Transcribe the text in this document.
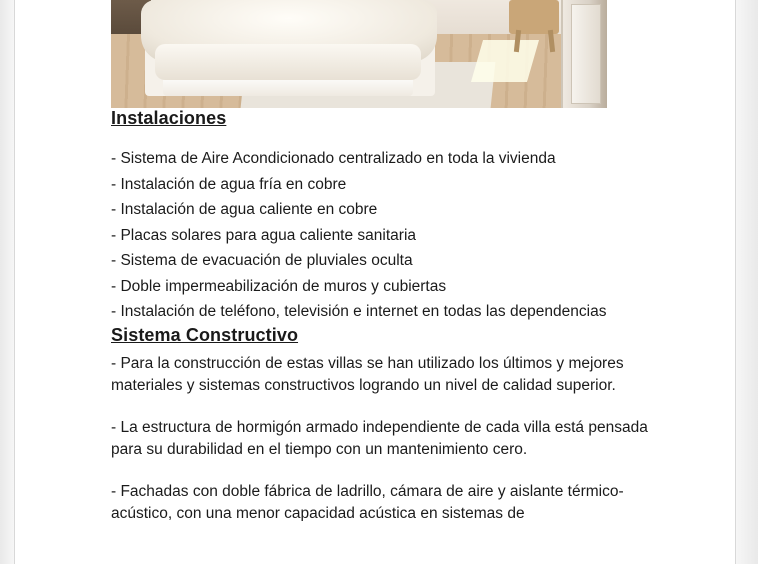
Instalaciones
- Sistema de Aire Acondicionado centralizado en toda la vivienda
- Instalación de agua fría en cobre
- Instalación de agua caliente en cobre
- Placas solares para agua caliente sanitaria
- Sistema de evacuación de pluviales oculta
- Doble impermeabilización de muros y cubiertas
- Instalación de teléfono, televisión e internet en todas las dependencias
Sistema Constructivo

- Para la construcción de estas villas se han utilizado los últimos y mejores materiales y sistemas constructivos logrando un nivel de calidad superior.

- La estructura de hormigón armado independiente de cada villa está pensada para su durabilidad en el tiempo con un mantenimiento cero.

- Fachadas con doble fábrica de ladrillo, cámara de aire y aislante térmico-

acústico, con una menor capacidad acústica en sistemas de
